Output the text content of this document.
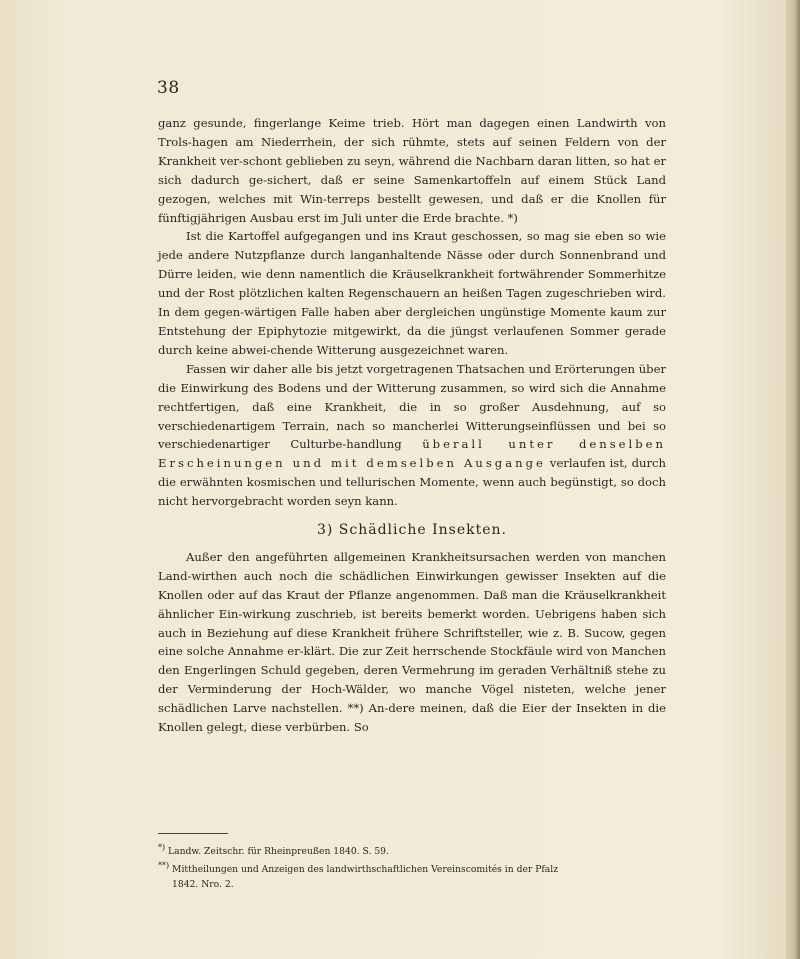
38

ganz gesunde, fingerlange Keime trieb. Hört man dagegen einen Landwirth von Trols-hagen am Niederrhein, der sich rühmte, stets auf seinen Feldern von der Krankheit ver-schont geblieben zu seyn, während die Nachbarn daran litten, so hat er sich dadurch ge-sichert, daß er seine Samenkartoffeln auf einem Stück Land gezogen, welches mit Win-terreps bestellt gewesen, und daß er die Knollen für fünftigjährigen Ausbau erst im Juli unter die Erde brachte. *)

Ist die Kartoffel aufgegangen und ins Kraut geschossen, so mag sie eben so wie jede andere Nutzpflanze durch langanhaltende Nässe oder durch Sonnenbrand und Dürre leiden, wie denn namentlich die Kräuselkrankheit fortwährender Sommerhitze und der Rost plötzlichen kalten Regenschauern an heißen Tagen zugeschrieben wird. In dem gegen-wärtigen Falle haben aber dergleichen ungünstige Momente kaum zur Entstehung der Epiphytozie mitgewirkt, da die jüngst verlaufenen Sommer gerade durch keine abwei-chende Witterung ausgezeichnet waren.

Fassen wir daher alle bis jetzt vorgetragenen Thatsachen und Erörterungen über die Einwirkung des Bodens und der Witterung zusammen, so wird sich die Annahme rechtfertigen, daß eine Krankheit, die in so großer Ausdehnung, auf so verschiedenartigem Terrain, nach so mancherlei Witterungseinflüssen und bei so verschiedenartiger Culturbe-handlung überall unter denselben Erscheinungen und mit demselben Ausgange verlaufen ist, durch die erwähnten kosmischen und tellurischen Momente, wenn auch begünstigt, so doch nicht hervorgebracht worden seyn kann.

3) Schädliche Insekten.

Außer den angeführten allgemeinen Krankheitsursachen werden von manchen Land-wirthen auch noch die schädlichen Einwirkungen gewisser Insekten auf die Knollen oder auf das Kraut der Pflanze angenommen. Daß man die Kräuselkrankheit ähnlicher Ein-wirkung zuschrieb, ist bereits bemerkt worden. Uebrigens haben sich auch in Beziehung auf diese Krankheit frühere Schriftsteller, wie z. B. Sucow, gegen eine solche Annahme er-klärt. Die zur Zeit herrschende Stockfäule wird von Manchen den Engerlingen Schuld gegeben, deren Vermehrung im geraden Verhältniß stehe zu der Verminderung der Hoch-Wälder, wo manche Vögel nisteten, welche jener schädlichen Larve nachstellen. **) An-dere meinen, daß die Eier der Insekten in die Knollen gelegt, diese verbürben. So

*) Landw. Zeitschr. für Rheinpreußen 1840. S. 59.
**) Mittheilungen und Anzeigen des landwirthschaftlichen Vereinscomités in der Pfalz
1842. Nro. 2.
